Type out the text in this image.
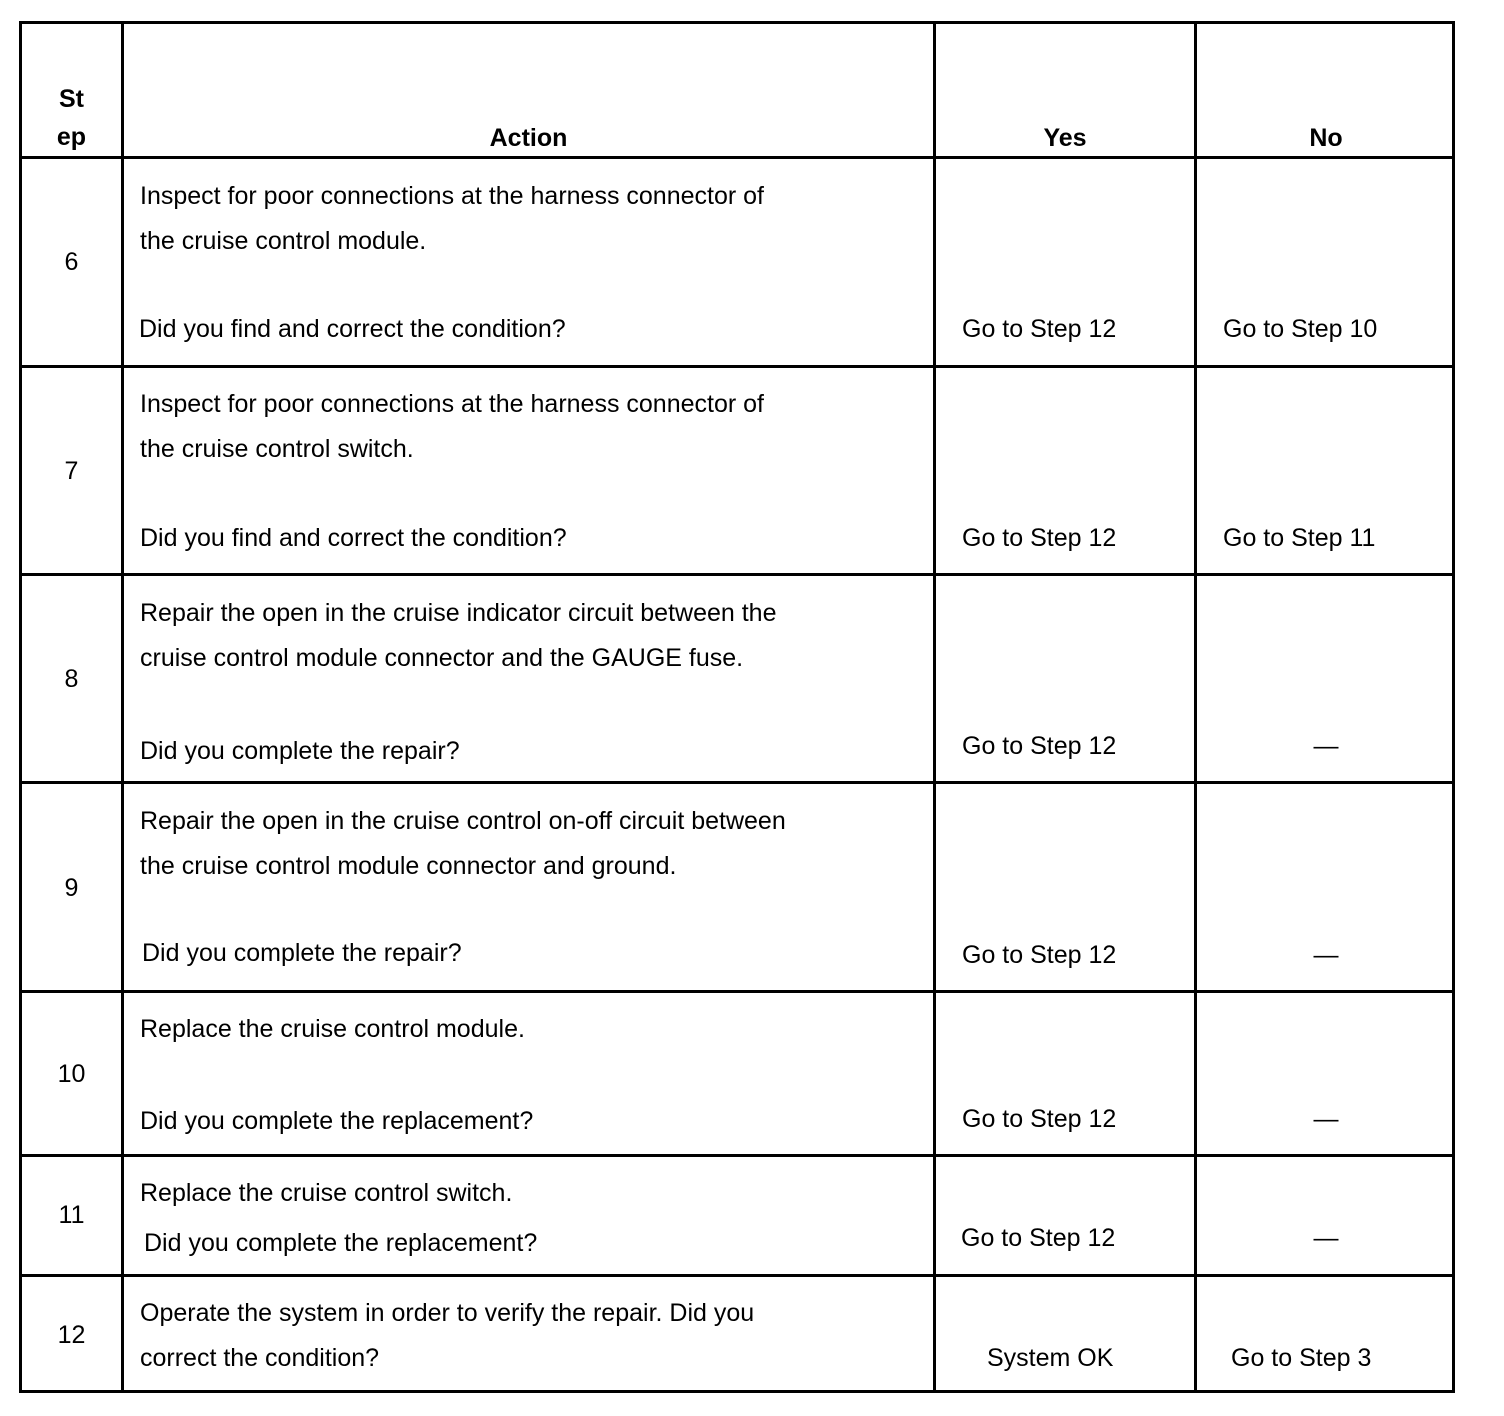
St
ep	Action	Yes	No
6
Inspect for poor connections at the harness connector of
the cruise control module.
Did you find and correct the condition?	Go to Step 12	Go to Step 10
7
Inspect for poor connections at the harness connector of
the cruise control switch.
Did you find and correct the condition?	Go to Step 12	Go to Step 11
8
Repair the open in the cruise indicator circuit between the
cruise control module connector and the GAUGE fuse.
Did you complete the repair?	Go to Step 12	—
9
Repair the open in the cruise control on-off circuit between
the cruise control module connector and ground.
Did you complete the repair?	Go to Step 12	—
10
Replace the cruise control module.
Did you complete the replacement?	Go to Step 12	—
11
Replace the cruise control switch.
Did you complete the replacement?	Go to Step 12	—
12
Operate the system in order to verify the repair. Did you
correct the condition?	System OK	Go to Step 3
